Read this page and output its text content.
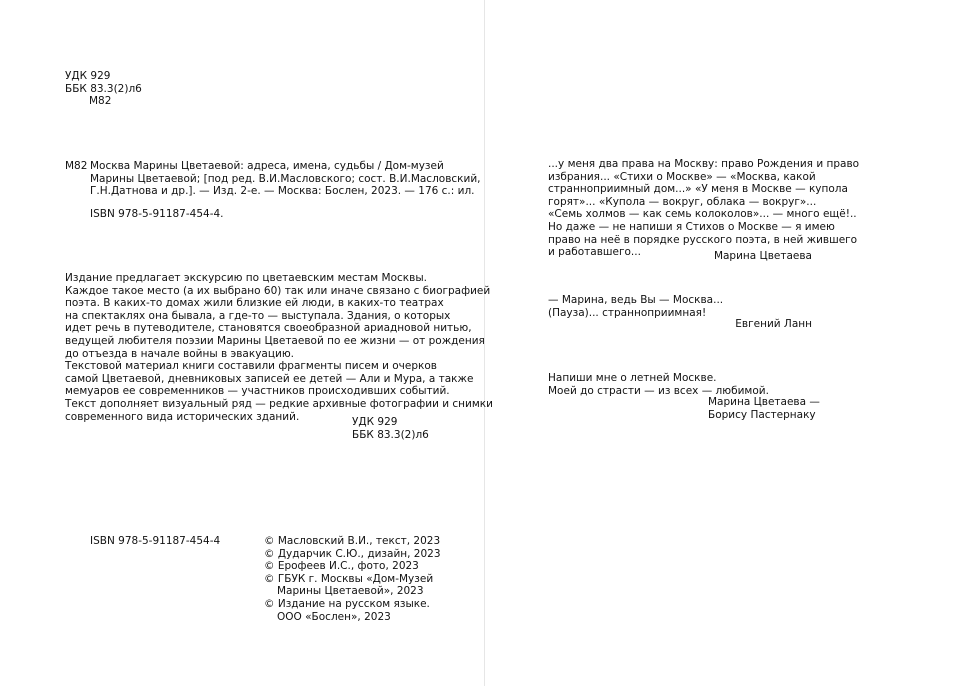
УДК 929
ББК 83.3(2)л6
М82
М82 Москва Марины Цветаевой: адреса, имена, судьбы / Дом-музей
Марины Цветаевой; [под ред. В.И.Масловского; сост. В.И.Масловский,
Г.Н.Датнова и др.]. — Изд. 2-е. — Москва: Бослен, 2023. — 176 с.: ил.
ISBN 978-5-91187-454-4.
Издание предлагает экскурсию по цветаевским местам Москвы.
Каждое такое место (а их выбрано 60) так или иначе связано с биографией
поэта. В каких-то домах жили близкие ей люди, в каких-то театрах
на спектаклях она бывала, а где-то — выступала. Здания, о которых
идет речь в путеводителе, становятся своеобразной ариадновой нитью,
ведущей любителя поэзии Марины Цветаевой по ее жизни — от рождения
до отъезда в начале войны в эвакуацию.
Текстовой материал книги составили фрагменты писем и очерков
самой Цветаевой, дневниковых записей ее детей — Али и Мура, а также
мемуаров ее современников — участников происходивших событий.
Текст дополняет визуальный ряд — редкие архивные фотографии и снимки
современного вида исторических зданий.	УДК 929
ББК 83.3(2)л6
ISBN 978-5-91187-454-4	© Масловский В.И., текст, 2023
© Дударчик С.Ю., дизайн, 2023
© Ерофеев И.С., фото, 2023
© ГБУК г. Москвы «Дом-Музей
Марины Цветаевой», 2023
© Издание на русском языке.
ООО «Бослен», 2023
...у меня два права на Москву: право Рождения и право
избрания... «Стихи о Москве» — «Москва, какой
странноприимный дом...» «У меня в Москве — купола
горят»... «Купола — вокруг, облака — вокруг»...
«Семь холмов — как семь колоколов»... — много ещё!..
Но даже — не напиши я Стихов о Москве — я имею
право на неё в порядке русского поэта, в ней жившего
и работавшего...	Марина Цветаева
— Марина, ведь Вы — Москва...
(Пауза)... странноприимная!
Евгений Ланн
Напиши мне о летней Москве.
Моей до страсти — из всех — любимой.
Марина Цветаева —
Борису Пастернаку
